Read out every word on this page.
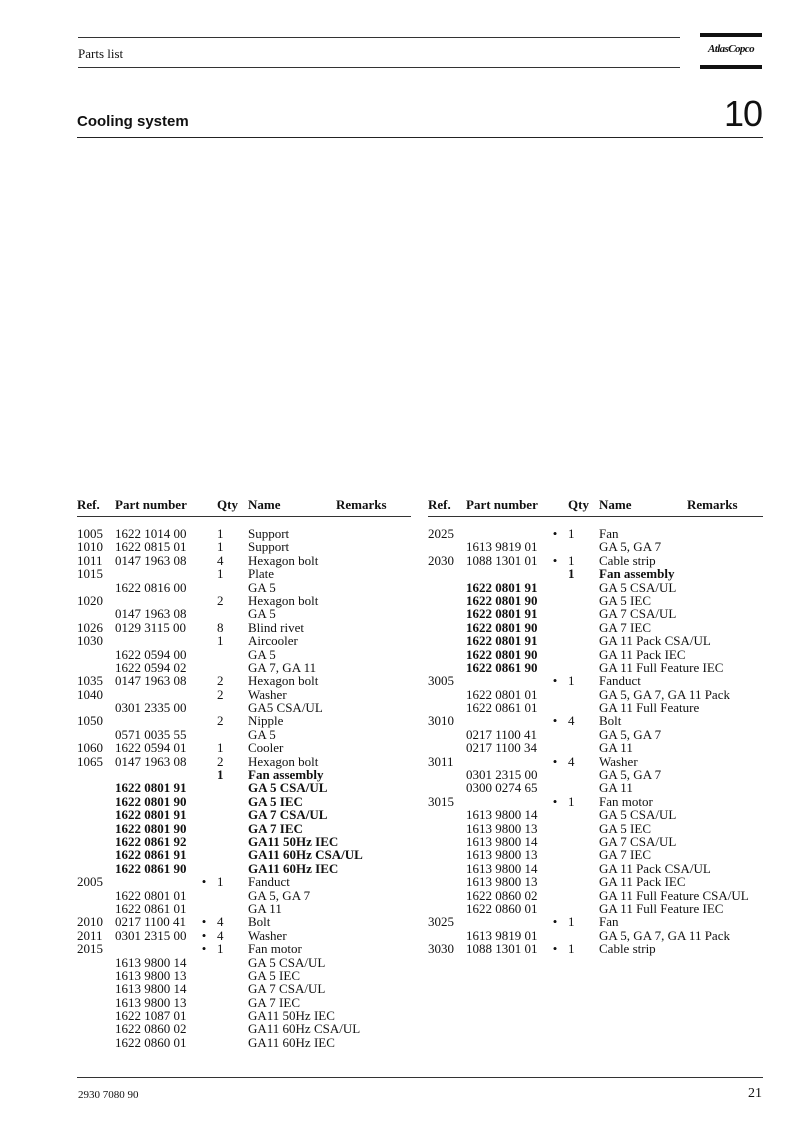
Parts list	AtlasCopco
Cooling system	10
Ref. Part number Qty Name	Remarks
1005 1622 1014 00 1 Support
1010 1622 0815 01 1 Support
1011 0147 1963 08 4 Hexagon bolt
1015	1 Plate
1622 0816 00	GA 5
1020	2 Hexagon bolt
0147 1963 08	GA 5
1026 0129 3115 00 8 Blind rivet
1030	1 Aircooler
1622 0594 00	GA 5
1622 0594 02	GA 7, GA 11
1035 0147 1963 08 2 Hexagon bolt
1040	2 Washer
0301 2335 00	GA5 CSA/UL
1050	2 Nipple
0571 0035 55	GA 5
1060 1622 0594 01 1 Cooler
1065 0147 1963 08 2 Hexagon bolt
1 Fan assembly
1622 0801 91	GA 5 CSA/UL
1622 0801 90	GA 5 IEC
1622 0801 91	GA 7 CSA/UL
1622 0801 90	GA 7 IEC
1622 0861 92	GA11 50Hz IEC
1622 0861 91	GA11 60Hz CSA/UL
1622 0861 90	GA11 60Hz IEC
2005	• 1 Fanduct
1622 0801 01	GA 5, GA 7
1622 0861 01	GA 11
2010 0217 1100 41 • 4 Bolt
2011 0301 2315 00 • 4 Washer
2015	• 1 Fan motor
1613 9800 14	GA 5 CSA/UL
1613 9800 13	GA 5 IEC
1613 9800 14	GA 7 CSA/UL
1613 9800 13	GA 7 IEC
1622 1087 01	GA11 50Hz IEC
1622 0860 02	GA11 60Hz CSA/UL
1622 0860 01	GA11 60Hz IEC
Ref. Part number Qty Name	Remarks
2025	• 1 Fan
1613 9819 01	GA 5, GA 7
2030 1088 1301 01 • 1 Cable strip
1 Fan assembly
1622 0801 91	GA 5 CSA/UL
1622 0801 90	GA 5 IEC
1622 0801 91	GA 7 CSA/UL
1622 0801 90	GA 7 IEC
1622 0801 91	GA 11 Pack CSA/UL
1622 0801 90	GA 11 Pack IEC
1622 0861 90	GA 11 Full Feature IEC
3005	• 1 Fanduct
1622 0801 01	GA 5, GA 7, GA 11 Pack
1622 0861 01	GA 11 Full Feature
3010	• 4 Bolt
0217 1100 41	GA 5, GA 7
0217 1100 34	GA 11
3011	• 4 Washer
0301 2315 00	GA 5, GA 7
0300 0274 65	GA 11
3015	• 1 Fan motor
1613 9800 14	GA 5 CSA/UL
1613 9800 13	GA 5 IEC
1613 9800 14	GA 7 CSA/UL
1613 9800 13	GA 7 IEC
1613 9800 14	GA 11 Pack CSA/UL
1613 9800 13	GA 11 Pack IEC
1622 0860 02	GA 11 Full Feature CSA/UL
1622 0860 01	GA 11 Full Feature IEC
3025	• 1 Fan
1613 9819 01	GA 5, GA 7, GA 11 Pack
3030 1088 1301 01 • 1 Cable strip
2930 7080 90	21
